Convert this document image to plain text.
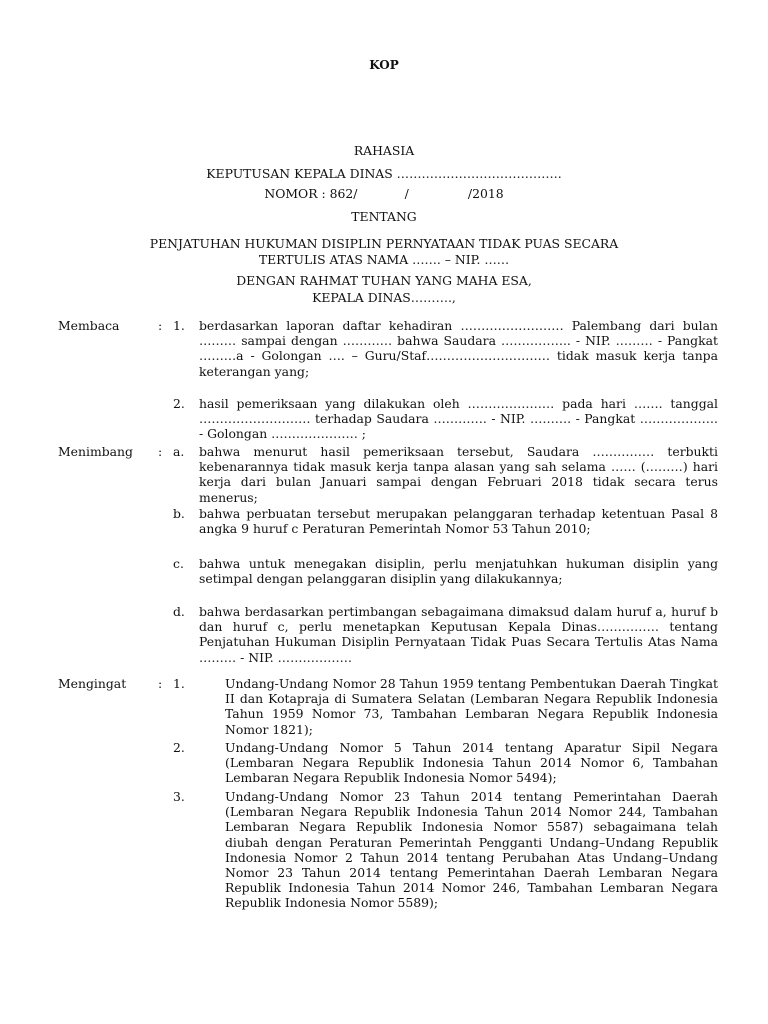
KOP
RAHASIA
KEPUTUSAN KEPALA DINAS ………………………………….
NOMOR : 862/            /               /2018
TENTANG
PENJATUHAN HUKUMAN DISIPLIN PERNYATAAN TIDAK PUAS SECARA
TERTULIS ATAS NAMA ……. – NIP. ……
DENGAN RAHMAT TUHAN YANG MAHA ESA,
KEPALA DINAS……….,
Membaca	: 1.	berdasarkan laporan daftar kehadiran ……………………. Palembang dari bulan ……… sampai dengan ………… bahwa Saudara …………….. - NIP. ……… - Pangkat ………a - Golongan …. – Guru/Staf………………………… tidak masuk kerja tanpa keterangan yang;
2.	hasil pemeriksaan yang dilakukan oleh ………………… pada hari ……. tanggal ……………………… terhadap Saudara …………. - NIP. ………. - Pangkat ………………. - Golongan ………………… ;
Menimbang	: a.	bahwa menurut hasil pemeriksaan tersebut, Saudara …………… terbukti kebenarannya tidak masuk kerja tanpa alasan yang sah selama …… (………) hari kerja dari bulan Januari sampai dengan Februari 2018 tidak secara terus menerus;
b.	bahwa perbuatan tersebut merupakan pelanggaran terhadap ketentuan Pasal 8 angka 9 huruf c Peraturan Pemerintah Nomor 53 Tahun 2010;
c.	bahwa untuk menegakan disiplin, perlu menjatuhkan hukuman disiplin yang setimpal dengan pelanggaran disiplin yang dilakukannya;
d.	bahwa berdasarkan pertimbangan sebagaimana dimaksud dalam huruf a, huruf b dan huruf c, perlu menetapkan Keputusan Kepala Dinas…………… tentang Penjatuhan Hukuman Disiplin Pernyataan Tidak Puas Secara Tertulis Atas Nama ……… - NIP. ………………
Mengingat	: 1.	Undang-Undang Nomor 28 Tahun 1959 tentang Pembentukan Daerah Tingkat II dan Kotapraja di Sumatera Selatan (Lembaran Negara Republik Indonesia Tahun 1959 Nomor 73, Tambahan Lembaran Negara Republik Indonesia Nomor 1821);
2.	Undang-Undang Nomor 5 Tahun 2014 tentang Aparatur Sipil Negara (Lembaran Negara Republik Indonesia Tahun 2014 Nomor 6, Tambahan Lembaran Negara Republik Indonesia Nomor 5494);
3.	Undang-Undang Nomor 23 Tahun 2014 tentang Pemerintahan Daerah (Lembaran Negara Republik Indonesia Tahun 2014 Nomor 244, Tambahan Lembaran Negara Republik Indonesia Nomor 5587) sebagaimana telah diubah dengan Peraturan Pemerintah Pengganti Undang–Undang Republik Indonesia Nomor 2 Tahun 2014 tentang Perubahan Atas Undang–Undang Nomor 23 Tahun 2014 tentang Pemerintahan Daerah Lembaran Negara Republik Indonesia Tahun 2014 Nomor 246, Tambahan Lembaran Negara Republik Indonesia Nomor 5589);
